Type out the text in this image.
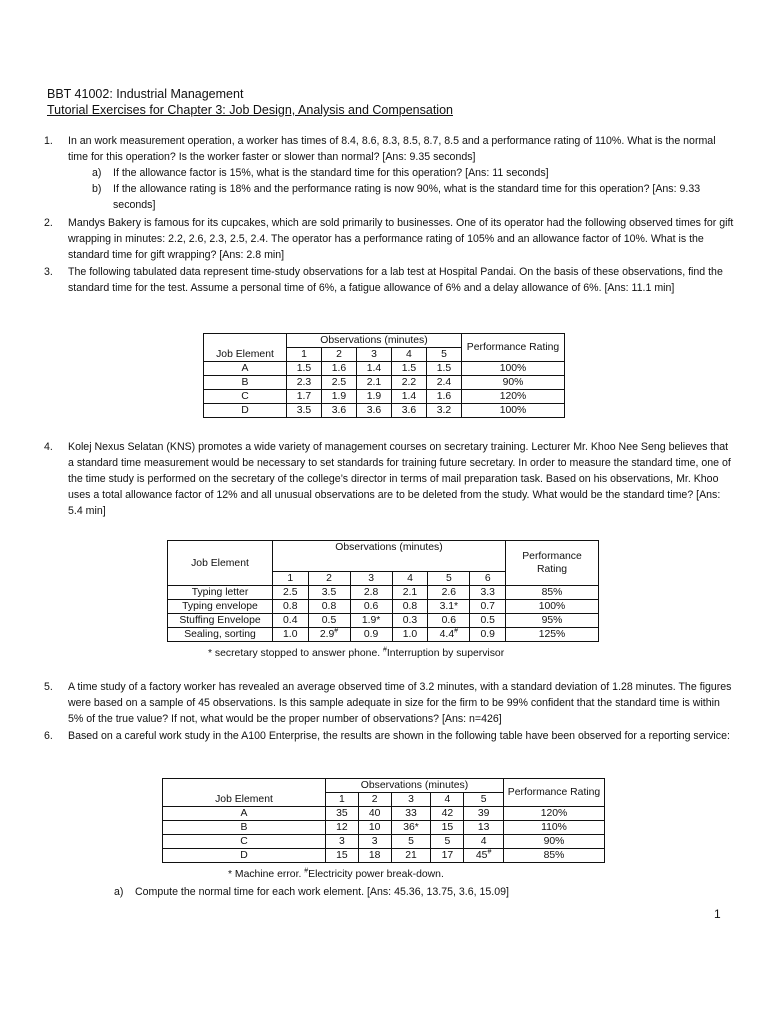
BBT 41002: Industrial Management
Tutorial Exercises for Chapter 3: Job Design, Analysis and Compensation
1. In an work measurement operation, a worker has times of 8.4, 8.6, 8.3, 8.5, 8.7, 8.5 and a performance rating of 110%. What is the normal time for this operation? Is the worker faster or slower than normal? [Ans: 9.35 seconds]
a) If the allowance factor is 15%, what is the standard time for this operation? [Ans: 11 seconds]
b) If the allowance rating is 18% and the performance rating is now 90%, what is the standard time for this operation? [Ans: 9.33 seconds]
2. Mandys Bakery is famous for its cupcakes, which are sold primarily to businesses. One of its operator had the following observed times for gift wrapping in minutes: 2.2, 2.6, 2.3, 2.5, 2.4. The operator has a performance rating of 105% and an allowance factor of 10%. What is the standard time for gift wrapping? [Ans: 2.8 min]
3. The following tabulated data represent time-study observations for a lab test at Hospital Pandai. On the basis of these observations, find the standard time for the test. Assume a personal time of 6%, a fatigue allowance of 6% and a delay allowance of 6%. [Ans: 11.1 min]
	Observations (minutes)					Performance Rating
Job Element	1	2	3	4	5	
A	1.5	1.6	1.4	1.5	1.5	100%
B	2.3	2.5	2.1	2.2	2.4	90%
C	1.7	1.9	1.9	1.4	1.6	120%
D	3.5	3.6	3.6	3.6	3.2	100%
4. Kolej Nexus Selatan (KNS) promotes a wide variety of management courses on secretary training. Lecturer Mr. Khoo Nee Seng believes that a standard time measurement would be necessary to set standards for training future secretary. In order to measure the standard time, one of the time study is performed on the secretary of the college’s director in terms of mail preparation task. Based on his observations, Mr. Khoo uses a total allowance factor of 12% and all unusual observations are to be deleted from the study. What would be the standard time? [Ans: 5.4 min]
Job Element	Observations (minutes)						Performance Rating
	1	2	3	4	5	6	
Typing letter	2.5	3.5	2.8	2.1	2.6	3.3	85%
Typing envelope	0.8	0.8	0.6	0.8	3.1*	0.7	100%
Stuffing Envelope	0.4	0.5	1.9*	0.3	0.6	0.5	95%
Sealing, sorting	1.0	2.9#	0.9	1.0	4.4#	0.9	125%
* secretary stopped to answer phone. #Interruption by supervisor
5. A time study of a factory worker has revealed an average observed time of 3.2 minutes, with a standard deviation of 1.28 minutes. The figures were based on a sample of 45 observations. Is this sample adequate in size for the firm to be 99% confident that the standard time is within 5% of the true value? If not, what would be the proper number of observations? [Ans: n=426]
6. Based on a careful work study in the A100 Enterprise, the results are shown in the following table have been observed for a reporting service:
	Observations (minutes)					Performance Rating
Job Element	1	2	3	4	5	
A	35	40	33	42	39	120%
B	12	10	36*	15	13	110%
C	3	3	5	5	4	90%
D	15	18	21	17	45#	85%
* Machine error. #Electricity power break-down.
a) Compute the normal time for each work element. [Ans: 45.36, 13.75, 3.6, 15.09]
1
